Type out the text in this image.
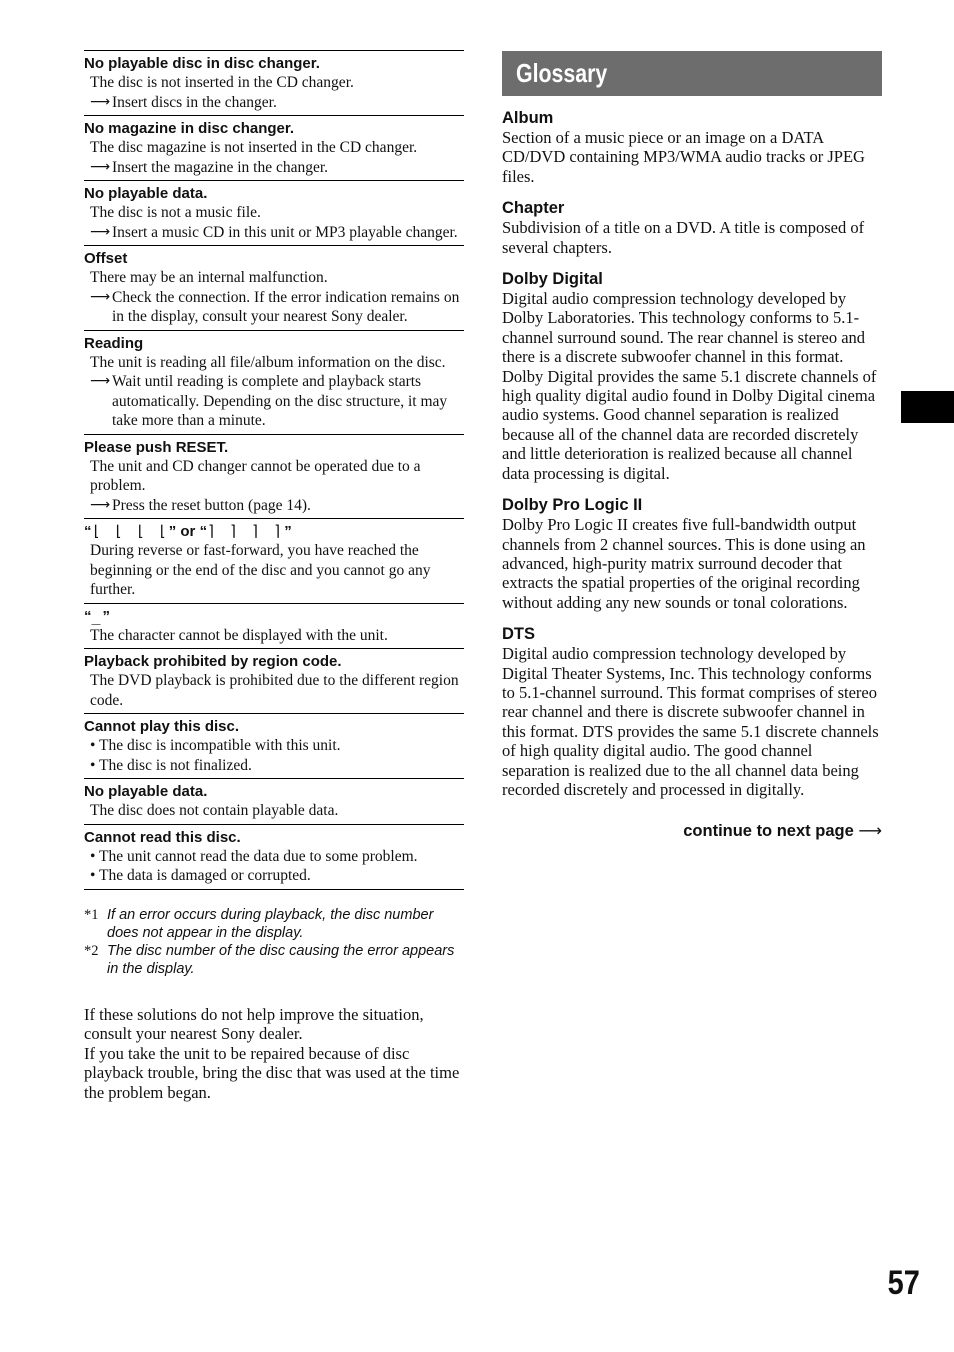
No playable disc in disc changer.
The disc is not inserted in the CD changer.
⟶ Insert discs in the changer.
No magazine in disc changer.
The disc magazine is not inserted in the CD changer.
⟶ Insert the magazine in the changer.
No playable data.
The disc is not a music file.
⟶ Insert a music CD in this unit or MP3 playable changer.
Offset
There may be an internal malfunction.
⟶ Check the connection. If the error indication remains on in the display, consult your nearest Sony dealer.
Reading
The unit is reading all file/album information on the disc.
⟶ Wait until reading is complete and playback starts automatically. Depending on the disc structure, it may take more than a minute.
Please push RESET.
The unit and CD changer cannot be operated due to a problem.
⟶ Press the reset button (page 14).
“⌊ ⌊ ⌊ ⌊” or “⌉ ⌉ ⌉ ⌉”
During reverse or fast-forward, you have reached the beginning or the end of the disc and you cannot go any further.
“_”
The character cannot be displayed with the unit.
Playback prohibited by region code.
The DVD playback is prohibited due to the different region code.
Cannot play this disc.
• The disc is incompatible with this unit.
• The disc is not finalized.
No playable data.
The disc does not contain playable data.
Cannot read this disc.
• The unit cannot read the data due to some problem.
• The data is damaged or corrupted.
*1 If an error occurs during playback, the disc number does not appear in the display.
*2 The disc number of the disc causing the error appears in the display.
If these solutions do not help improve the situation, consult your nearest Sony dealer.
If you take the unit to be repaired because of disc playback trouble, bring the disc that was used at the time the problem began.
Glossary
Album
Section of a music piece or an image on a DATA CD/DVD containing MP3/WMA audio tracks or JPEG files.
Chapter
Subdivision of a title on a DVD. A title is composed of several chapters.
Dolby Digital
Digital audio compression technology developed by Dolby Laboratories. This technology conforms to 5.1-channel surround sound. The rear channel is stereo and there is a discrete subwoofer channel in this format. Dolby Digital provides the same 5.1 discrete channels of high quality digital audio found in Dolby Digital cinema audio systems. Good channel separation is realized because all of the channel data are recorded discretely and little deterioration is realized because all channel data processing is digital.
Dolby Pro Logic II
Dolby Pro Logic II creates five full-bandwidth output channels from 2 channel sources. This is done using an advanced, high-purity matrix surround decoder that extracts the spatial properties of the original recording without adding any new sounds or tonal colorations.
DTS
Digital audio compression technology developed by Digital Theater Systems, Inc. This technology conforms to 5.1-channel surround. This format comprises of stereo rear channel and there is discrete subwoofer channel in this format. DTS provides the same 5.1 discrete channels of high quality digital audio. The good channel separation is realized due to the all channel data being recorded discretely and processed in digitally.
continue to next page ⟶
57
